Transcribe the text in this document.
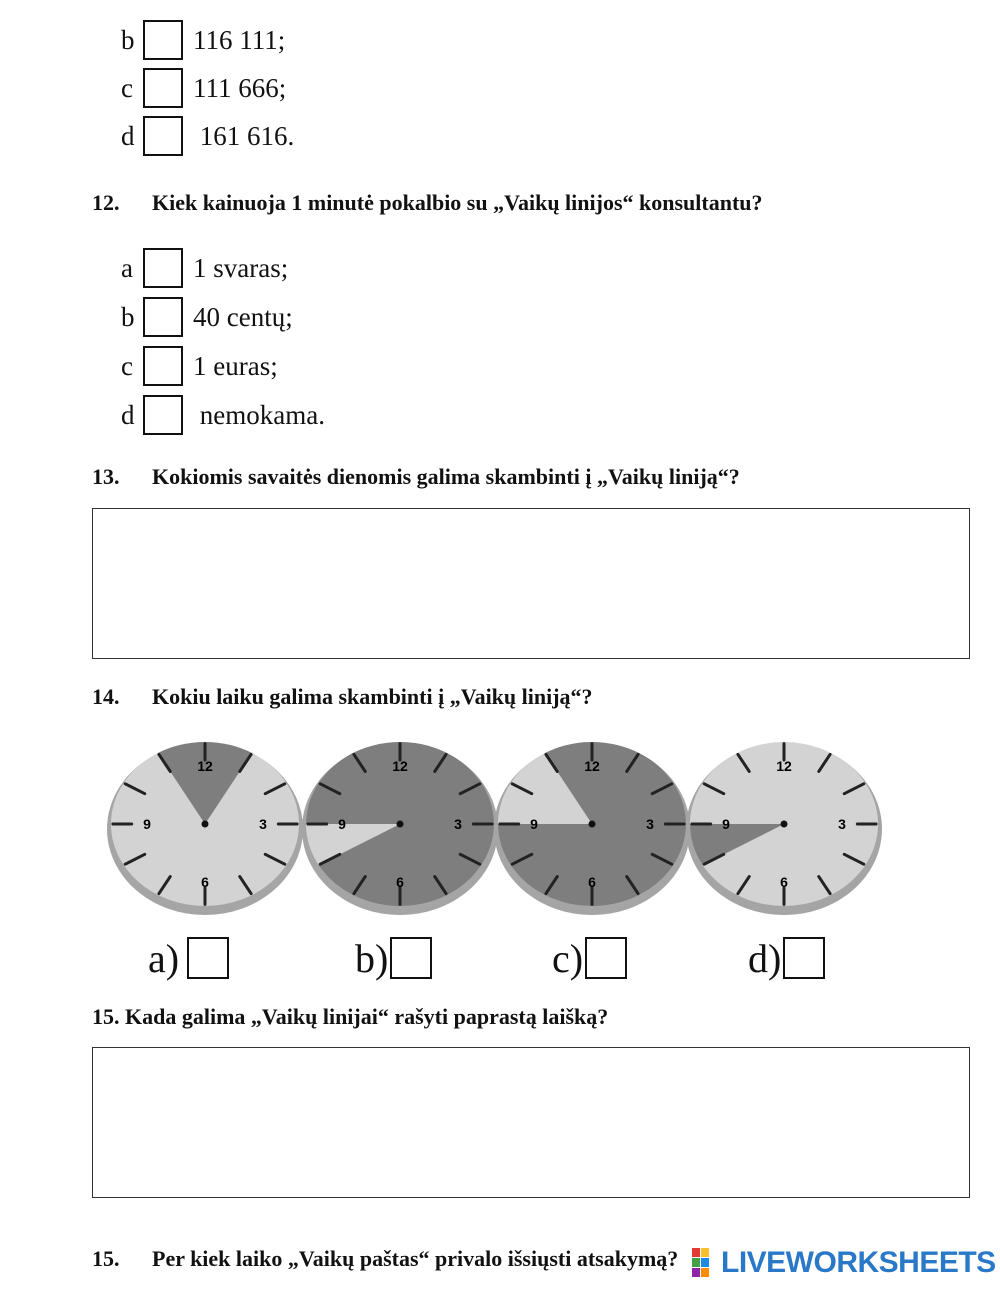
b	116 111;
c	111 666;
d	161 616.
12. Kiek kainuoja 1 minutė pokalbio su „Vaikų linijos“ konsultantu?
a	1 svaras;
b	40 centų;
c	1 euras;
d	nemokama.
13. Kokiomis savaitės dienomis galima skambinti į „Vaikų liniją“?
14. Kokiu laiku galima skambinti į „Vaikų liniją“?
12
3
6
9
12
3
6
9
12
3
6
9
12
3
6
9
a)	b)	c)	d)
15. Kada galima „Vaikų linijai“ rašyti paprastą laišką?
15. Per kiek laiko „Vaikų paštas“ privalo išsiųsti atsakymą? LIVEWORKSHEETS
